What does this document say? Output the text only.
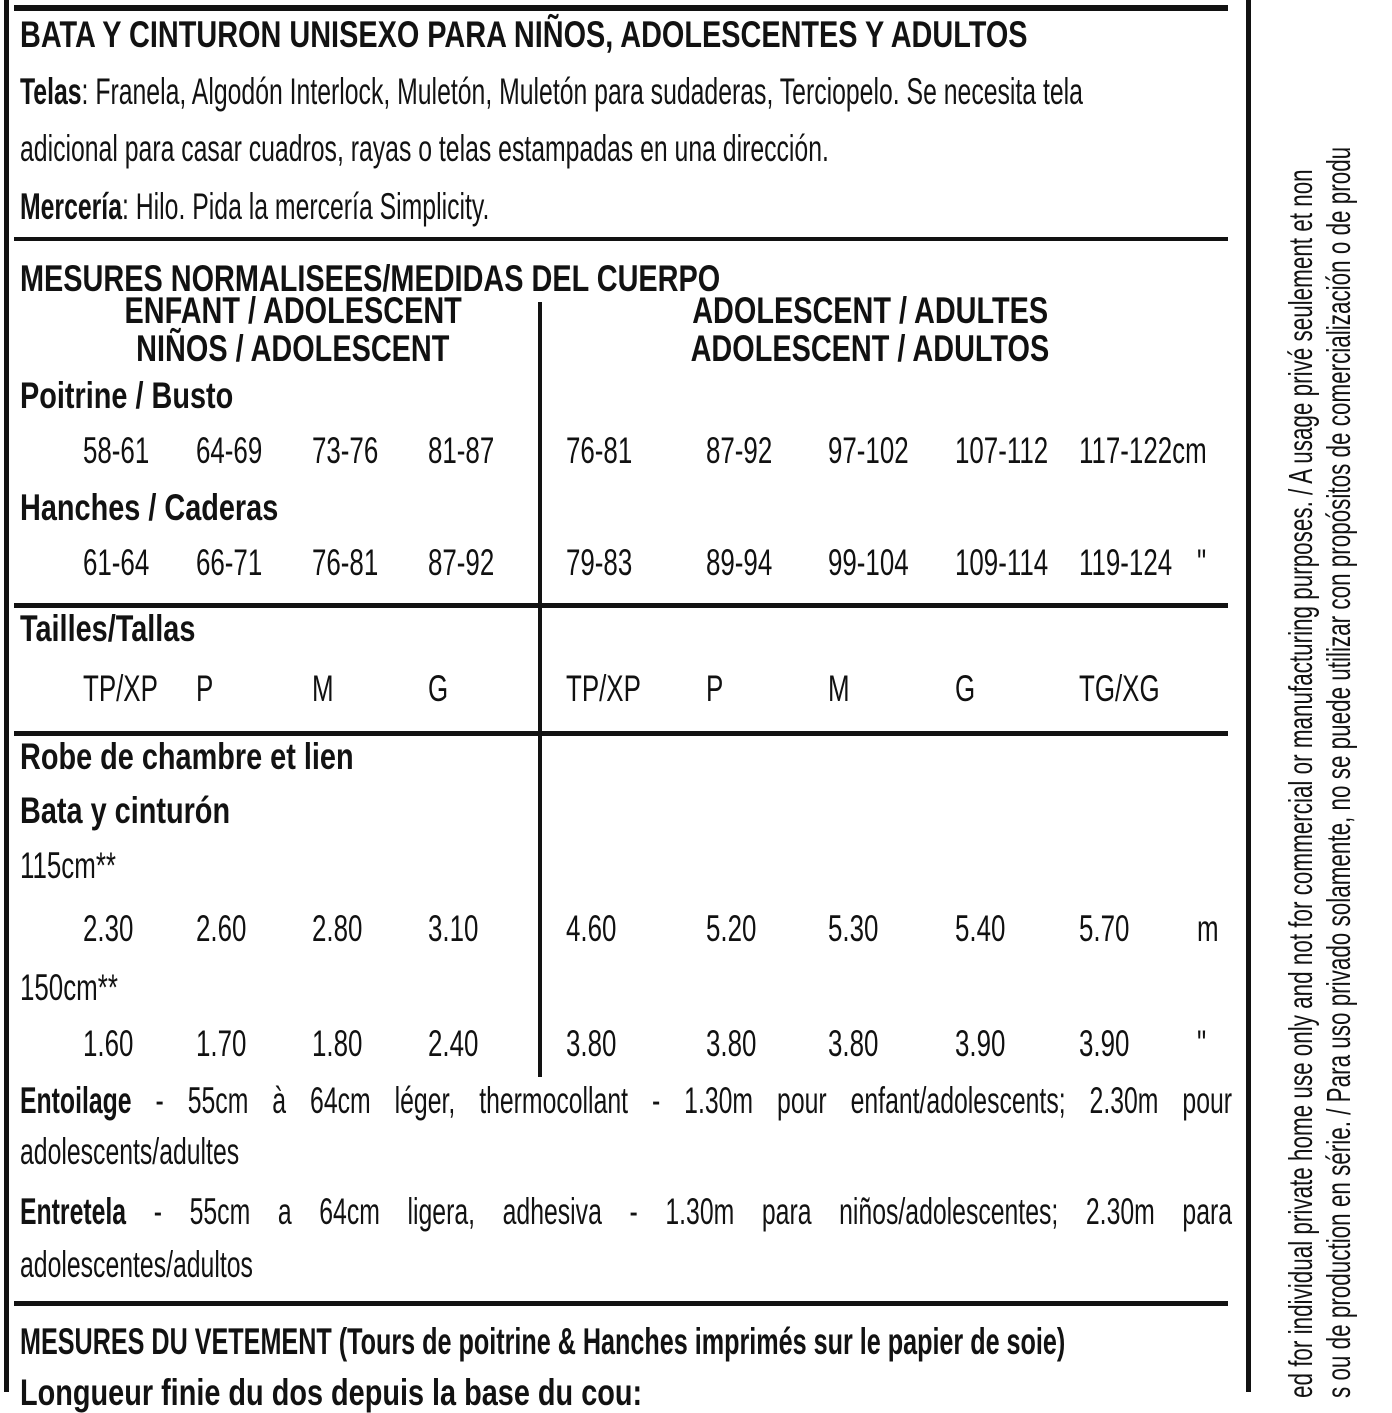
BATA Y CINTURON UNISEXO PARA NIÑOS, ADOLESCENTES Y ADULTOS
Telas: Franela, Algodón Interlock, Muletón, Muletón para sudaderas, Terciopelo. Se necesita tela
adicional para casar cuadros, rayas o telas estampadas en una dirección.
Mercería: Hilo. Pida la mercería Simplicity.
MESURES NORMALISEES/MEDIDAS DEL CUERPO
ENFANT / ADOLESCENT
NIÑOS / ADOLESCENT
ADOLESCENT / ADULTES
ADOLESCENT / ADULTOS
Poitrine / Busto
58-61 64-69 73-76 81-87 76-81 87-92 97-102 107-112 117-122cm
Hanches / Caderas
61-64 66-71 76-81 87-92 79-83 89-94 99-104 109-114 119-124 "
Tailles/Tallas
TP/XP P	M	G	TP/XP P	M	G	TG/XG
Robe de chambre et lien
Bata y cinturón
115cm**
2.30 2.60 2.80 3.10 4.60 5.20 5.30 5.40 5.70 m
150cm**
1.60 1.70 1.80 2.40 3.80 3.80 3.80 3.90 3.90 "
Entoilage - 55cm à 64cm léger, thermocollant - 1.30m pour enfant/adolescents; 2.30m pour
adolescents/adultes
Entretela - 55cm a 64cm ligera, adhesiva - 1.30m para niños/adolescentes; 2.30m para
adolescentes/adultos
MESURES DU VETEMENT (Tours de poitrine & Hanches imprimés sur le papier de soie)
Longueur finie du dos depuis la base du cou:	ed for individual private home use only and not for commercial or manufacturing purposes. / A usage privé seulement et non s ou de production en série. / Para uso privado solamente, no se puede utilizar con propósitos de comercialización o de produ
